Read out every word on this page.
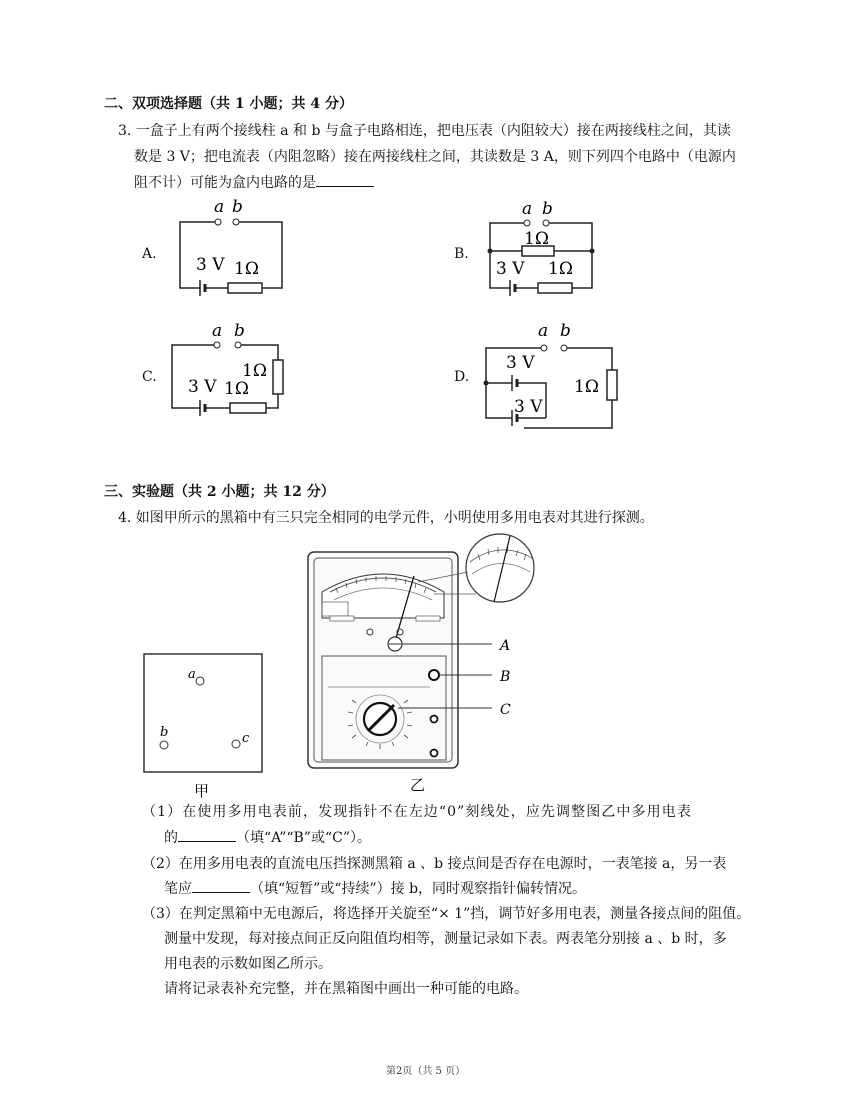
二、双项选择题（共 1 小题；共 4 分）
3. 一盒子上有两个接线柱 a 和 b 与盒子电路相连，把电压表（内阻较大）接在两接线柱之间，其读
数是 3 V；把电流表（内阻忽略）接在两接线柱之间，其读数是 3 A，则下列四个电路中（电源内
阻不计）可能为盒内电路的是
A.
a b
3 V 1Ω
B.
a b
1Ω
3 V 1Ω
C.
a b
3 V 1Ω
1Ω	D.
a b
3 V
3 V
1Ω
三、实验题（共 2 小题；共 12 分）
4. 如图甲所示的黑箱中有三只完全相同的电学元件，小明使用多用电表对其进行探测。
a
b	c
甲
A
B
C
乙
（1）在使用多用电表前，发现指针不在左边“0”刻线处，应先调整图乙中多用电表
的	（填“A”“B”或“C”）。
（2）在用多用电表的直流电压挡探测黑箱 a 、b 接点间是否存在电源时，一表笔接 a，另一表
笔应	（填“短暂”或“持续”）接 b，同时观察指针偏转情况。
（3）在判定黑箱中无电源后，将选择开关旋至“× 1”挡，调节好多用电表，测量各接点间的阻值。
测量中发现，每对接点间正反向阻值均相等，测量记录如下表。两表笔分别接 a 、b 时，多
用电表的示数如图乙所示。
请将记录表补充完整，并在黑箱图中画出一种可能的电路。
第2页（共 5 页）
